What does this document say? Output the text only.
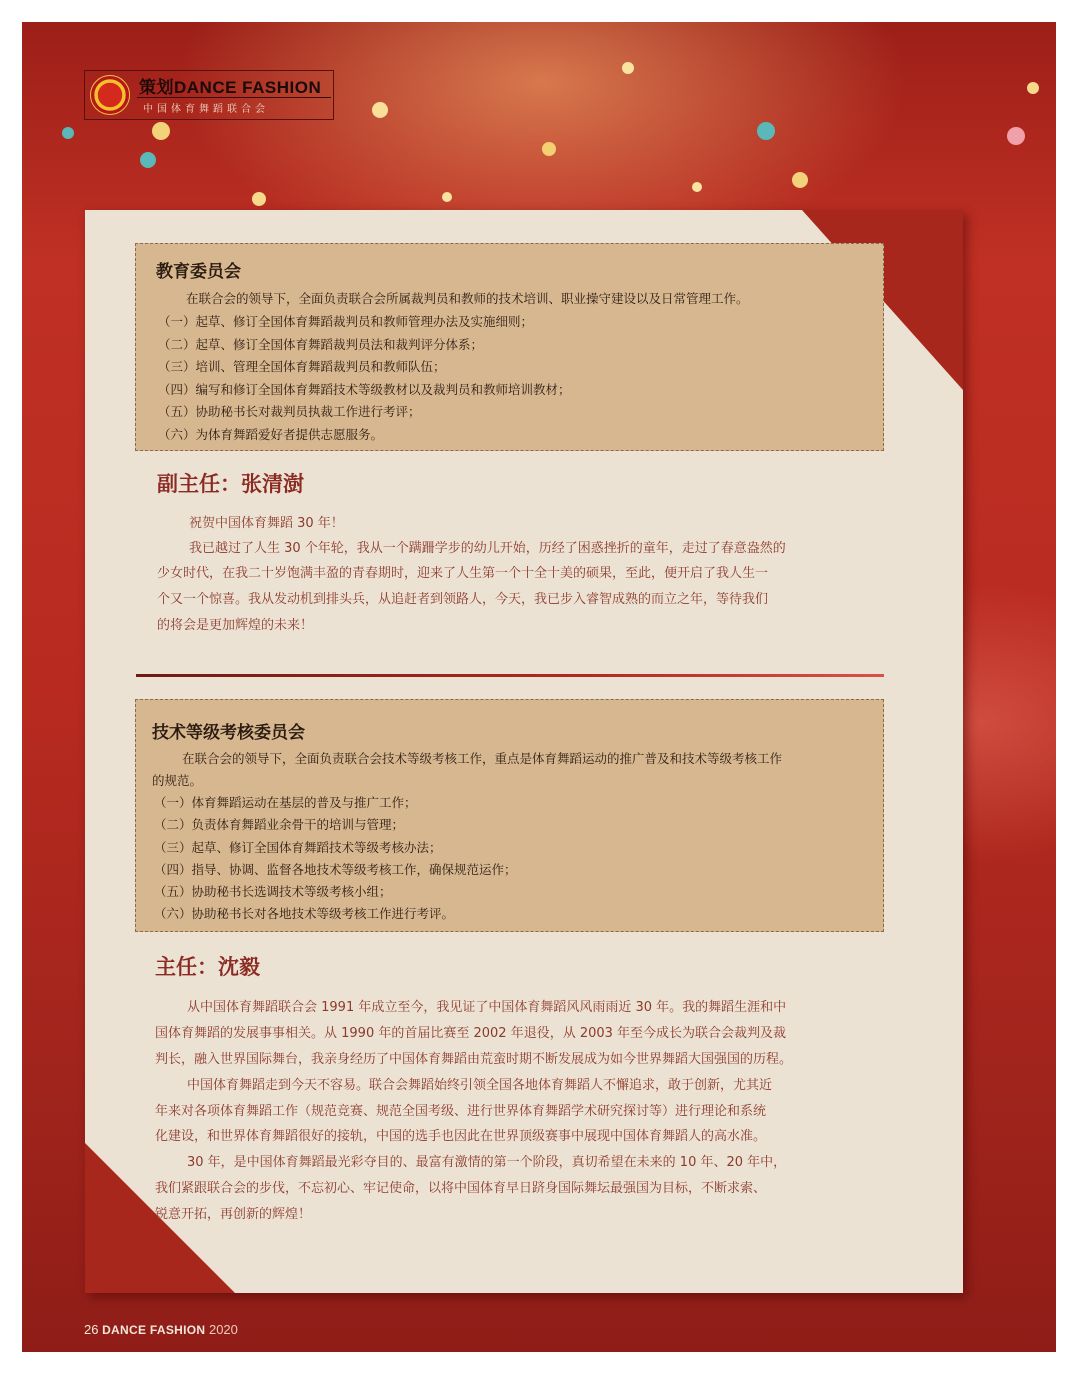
策划DANCE FASHION
中国体育舞蹈联合会
教育委员会
在联合会的领导下，全面负责联合会所属裁判员和教师的技术培训、职业操守建设以及日常管理工作。
（一）起草、修订全国体育舞蹈裁判员和教师管理办法及实施细则；
（二）起草、修订全国体育舞蹈裁判员法和裁判评分体系；
（三）培训、管理全国体育舞蹈裁判员和教师队伍；
（四）编写和修订全国体育舞蹈技术等级教材以及裁判员和教师培训教材；
（五）协助秘书长对裁判员执裁工作进行考评；
（六）为体育舞蹈爱好者提供志愿服务。
副主任：张清澍
祝贺中国体育舞蹈 30 年！
我已越过了人生 30 个年轮，我从一个蹒跚学步的幼儿开始，历经了困惑挫折的童年，走过了春意盎然的
少女时代，在我二十岁饱满丰盈的青春期时，迎来了人生第一个十全十美的硕果，至此，便开启了我人生一
个又一个惊喜。我从发动机到排头兵，从追赶者到领路人，今天，我已步入睿智成熟的而立之年，等待我们
的将会是更加辉煌的未来！
技术等级考核委员会
在联合会的领导下，全面负责联合会技术等级考核工作，重点是体育舞蹈运动的推广普及和技术等级考核工作
的规范。
（一）体育舞蹈运动在基层的普及与推广工作；
（二）负责体育舞蹈业余骨干的培训与管理；
（三）起草、修订全国体育舞蹈技术等级考核办法；
（四）指导、协调、监督各地技术等级考核工作，确保规范运作；
（五）协助秘书长选调技术等级考核小组；
（六）协助秘书长对各地技术等级考核工作进行考评。
主任：沈毅
从中国体育舞蹈联合会 1991 年成立至今，我见证了中国体育舞蹈风风雨雨近 30 年。我的舞蹈生涯和中
国体育舞蹈的发展事事相关。从 1990 年的首届比赛至 2002 年退役，从 2003 年至今成长为联合会裁判及裁
判长，融入世界国际舞台，我亲身经历了中国体育舞蹈由荒蛮时期不断发展成为如今世界舞蹈大国强国的历程。
中国体育舞蹈走到今天不容易。联合会舞蹈始终引领全国各地体育舞蹈人不懈追求，敢于创新，尤其近
年来对各项体育舞蹈工作（规范竞赛、规范全国考级、进行世界体育舞蹈学术研究探讨等）进行理论和系统
化建设，和世界体育舞蹈很好的接轨，中国的选手也因此在世界顶级赛事中展现中国体育舞蹈人的高水准。
30 年，是中国体育舞蹈最光彩夺目的、最富有激情的第一个阶段，真切希望在未来的 10 年、20 年中，
我们紧跟联合会的步伐，不忘初心、牢记使命，以将中国体育早日跻身国际舞坛最强国为目标，不断求索、
锐意开拓，再创新的辉煌！
26 DANCE FASHION 2020
